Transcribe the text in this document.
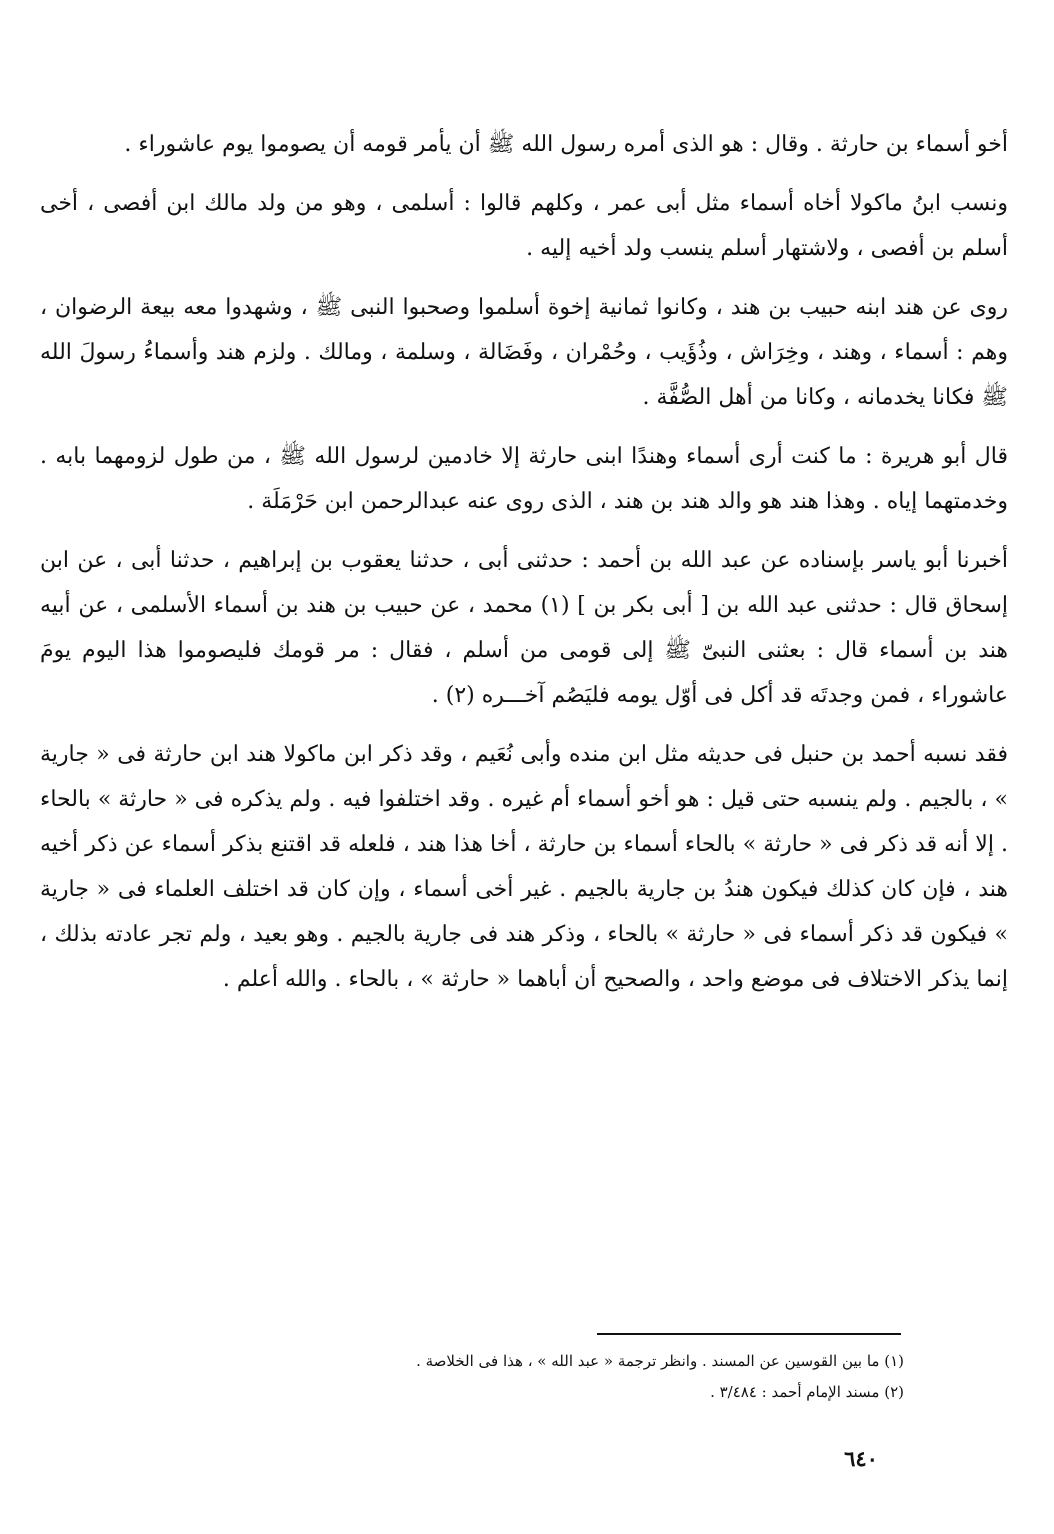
أخو أسماء بن حارثة . وقال : هو الذى أمره رسول الله ﷺ أن يأمر قومه أن يصوموا يوم عاشوراء .

ونسب ابنُ ماكولا أخاه أسماء مثل أبى عمر ، وكلهم قالوا : أسلمى ، وهو من ولد مالك ابن أفصى ، أخى أسلم بن أفصى ، ولاشتهار أسلم ينسب ولد أخيه إليه .

روى عن هند ابنه حبيب بن هند ، وكانوا ثمانية إخوة أسلموا وصحبوا النبى ﷺ ، وشهدوا معه بيعة الرضوان ، وهم : أسماء ، وهند ، وخِرَاش ، وذُؤَيب ، وحُمْران ، وفَضَالة ، وسلمة ، ومالك . ولزم هند وأسماءُ رسولَ الله ﷺ فكانا يخدمانه ، وكانا من أهل الصُّفَّة .

قال أبو هريرة : ما كنت أرى أسماء وهندًا ابنى حارثة إلا خادمين لرسول الله ﷺ ، من طول لزومهما بابه . وخدمتهما إياه . وهذا هند هو والد هند بن هند ، الذى روى عنه عبدالرحمن ابن حَرْمَلَة .

أخبرنا أبو ياسر بإسناده عن عبد الله بن أحمد : حدثنى أبى ، حدثنا يعقوب بن إبراهيم ، حدثنا أبى ، عن ابن إسحاق قال : حدثنى عبد الله بن [ أبى بكر بن ] (١) محمد ، عن حبيب بن هند بن أسماء الأسلمى ، عن أبيه هند بن أسماء قال : بعثنى النبىّ ﷺ إلى قومى من أسلم ، فقال : مر قومك فليصوموا هذا اليوم يومَ عاشوراء ، فمن وجدتَه قد أكل فى أوّل يومه فليَصُم آخـــره (٢) .

فقد نسبه أحمد بن حنبل فى حديثه مثل ابن منده وأبى نُعَيم ، وقد ذكر ابن ماكولا هند ابن حارثة فى « جارية » ، بالجيم . ولم ينسبه حتى قيل : هو أخو أسماء أم غيره . وقد اختلفوا فيه . ولم يذكره فى « حارثة » بالحاء . إلا أنه قد ذكر فى « حارثة » بالحاء أسماء بن حارثة ، أخا هذا هند ، فلعله قد اقتنع بذكر أسماء عن ذكر أخيه هند ، فإن كان كذلك فيكون هندُ بن جارية بالجيم . غير أخى أسماء ، وإن كان قد اختلف العلماء فى « جارية » فيكون قد ذكر أسماء فى « حارثة » بالحاء ، وذكر هند فى جارية بالجيم . وهو بعيد ، ولم تجر عادته بذلك ، إنما يذكر الاختلاف فى موضع واحد ، والصحيح أن أباهما « حارثة » ، بالحاء . والله أعلم .

(١) ما بين القوسين عن المسند . وانظر ترجمة « عبد الله » ، هذا فى الخلاصة .

(٢) مسند الإمام أحمد : ٣/٤٨٤ .

٦٤٠
